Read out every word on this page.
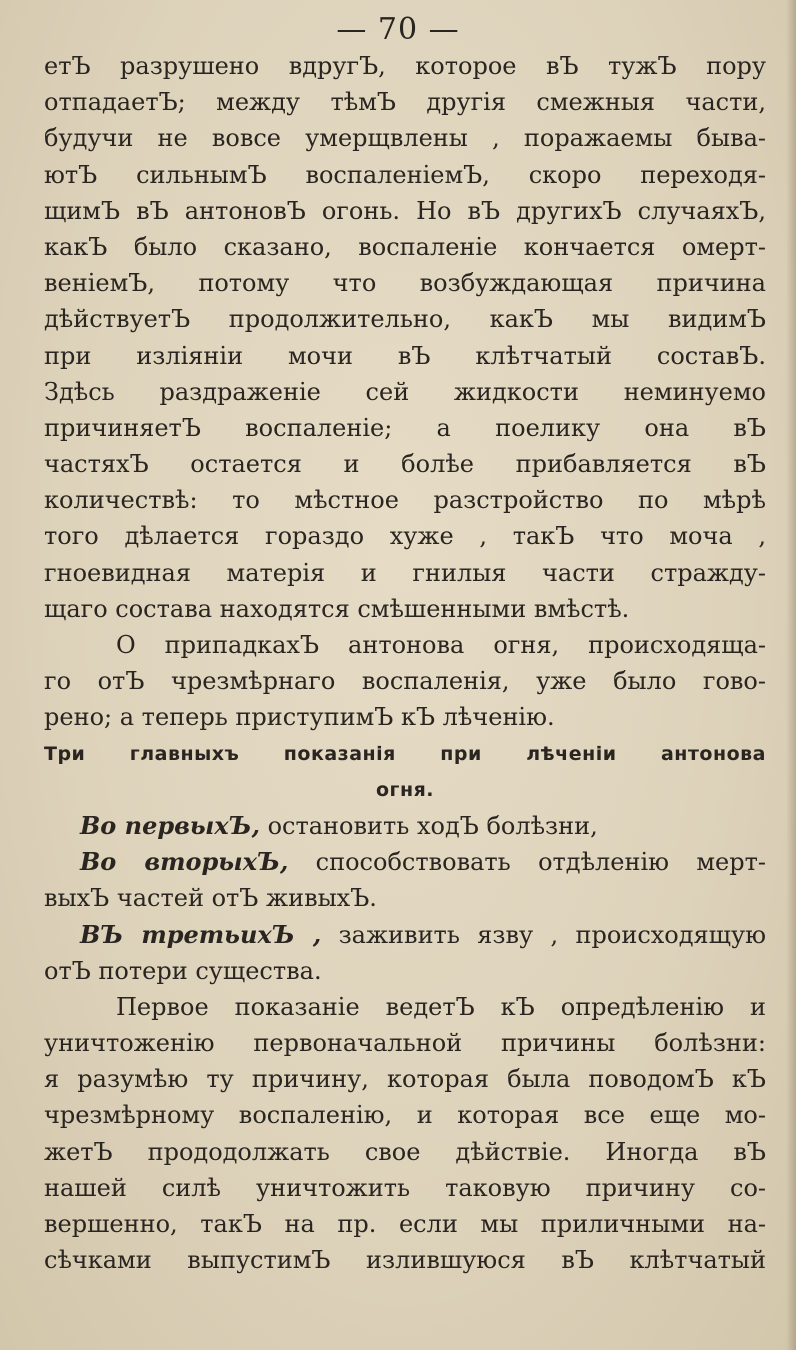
— 70 —
етЪ разрушено вдругЪ, которое вЪ тужЪ пору
отпадаетЪ; между тѣмЪ другія смежныя части,
будучи не вовсе умерщвлены , поражаемы быва-
ютЪ сильнымЪ воспаленіемЪ, скоро переходя-
щимЪ вЪ антоновЪ огонь. Но вЪ другихЪ случаяхЪ,
какЪ было сказано, воспаленіе кончается омерт-
веніемЪ, потому что возбуждающая причина
дѣйствуетЪ продолжительно, какЪ мы видимЪ
при изліяніи мочи вЪ клѣтчатый составЪ.
Здѣсь раздраженіе сей жидкости неминуемо
причиняетЪ воспаленіе; а поелику она вЪ
частяхЪ остается и болѣе прибавляется вЪ
количествѣ: то мѣстное разстройство по мѣрѣ
того дѣлается гораздо хуже , такЪ что моча ,
гноевидная матерія и гнилыя части стражду-
щаго состава находятся смѣшенными вмѣстѣ.
О припадкахЪ антонова огня, происходяща-
го отЪ чрезмѣрнаго воспаленія, уже было гово-
рено; а теперь приступимЪ кЪ лѣченію.
Три главныхъ показанія при лѣченіи антонова
огня.
Во первыхЪ, остановить ходЪ болѣзни,
Во вторыхЪ, способствовать отдѣленію мерт-
выхЪ частей отЪ живыхЪ.
ВЪ третьихЪ , заживить язву , происходящую
отЪ потери существа.
Первое показаніе ведетЪ кЪ опредѣленію и
уничтоженію первоначальной причины болѣзни:
я разумѣю ту причину, которая была поводомЪ кЪ
чрезмѣрному воспаленію, и которая все еще мо-
жетЪ прододолжать свое дѣйствіе. Иногда вЪ
нашей силѣ уничтожить таковую причину со-
вершенно, такЪ на пр. если мы приличными на-
сѣчками выпустимЪ излившуюся вЪ клѣтчатый
